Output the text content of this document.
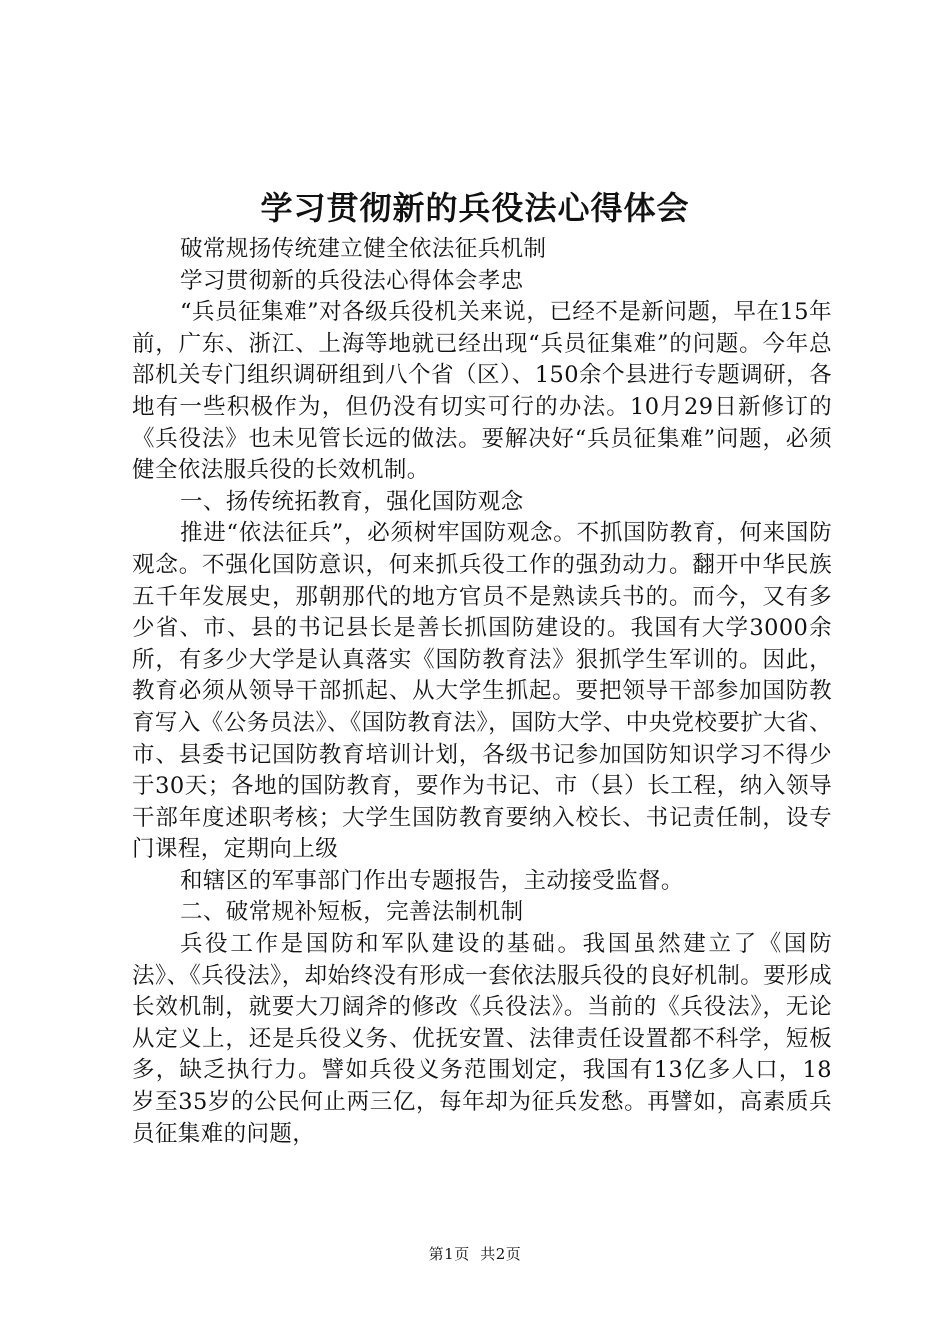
学习贯彻新的兵役法心得体会

破常规扬传统建立健全依法征兵机制

学习贯彻新的兵役法心得体会孝忠

“兵员征集难”对各级兵役机关来说，已经不是新问题，早在15年前，广东、浙江、上海等地就已经出现“兵员征集难”的问题。今年总部机关专门组织调研组到八个省（区）、150余个县进行专题调研，各地有一些积极作为，但仍没有切实可行的办法。10月29日新修订的《兵役法》也未见管长远的做法。要解决好“兵员征集难”问题，必须健全依法服兵役的长效机制。

一、扬传统拓教育，强化国防观念

推进“依法征兵”，必须树牢国防观念。不抓国防教育，何来国防观念。不强化国防意识，何来抓兵役工作的强劲动力。翻开中华民族五千年发展史，那朝那代的地方官员不是熟读兵书的。而今，又有多少省、市、县的书记县长是善长抓国防建设的。我国有大学3000余所，有多少大学是认真落实《国防教育法》狠抓学生军训的。因此，教育必须从领导干部抓起、从大学生抓起。要把领导干部参加国防教育写入《公务员法》、《国防教育法》，国防大学、中央党校要扩大省、市、县委书记国防教育培训计划，各级书记参加国防知识学习不得少于30天；各地的国防教育，要作为书记、市（县）长工程，纳入领导干部年度述职考核；大学生国防教育要纳入校长、书记责任制，设专门课程，定期向上级

和辖区的军事部门作出专题报告，主动接受监督。

二、破常规补短板，完善法制机制

兵役工作是国防和军队建设的基础。我国虽然建立了《国防法》、《兵役法》，却始终没有形成一套依法服兵役的良好机制。要形成长效机制，就要大刀阔斧的修改《兵役法》。当前的《兵役法》，无论从定义上，还是兵役义务、优抚安置、法律责任设置都不科学，短板多，缺乏执行力。譬如兵役义务范围划定，我国有13亿多人口，18岁至35岁的公民何止两三亿，每年却为征兵发愁。再譬如，高素质兵员征集难的问题，

第1页 共2页
